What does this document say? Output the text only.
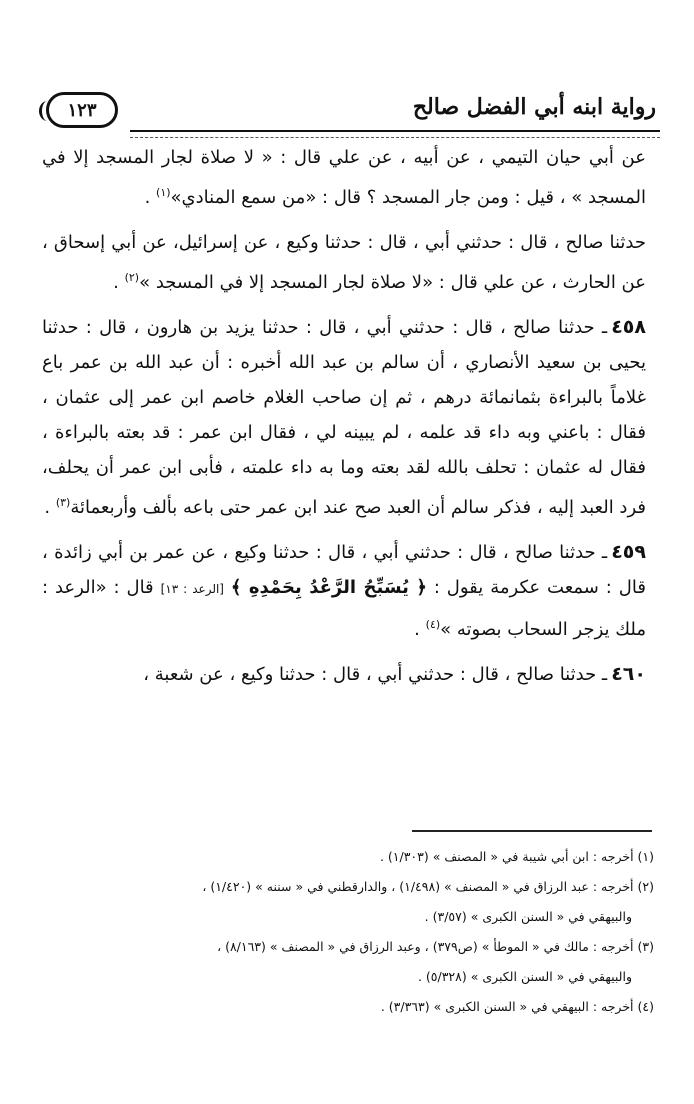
رواية ابنه أبي الفضل صالح
١٢٣

عن أبي حيان التيمي ، عن أبيه ، عن علي قال : « لا صلاة لجار المسجد إلا في المسجد » ، قيل : ومن جار المسجد ؟ قال : «من سمع المنادي»$^{(١)}$ .

حدثنا صالح ، قال : حدثني أبي ، قال : حدثنا وكيع ، عن إسرائيل، عن أبي إسحاق ، عن الحارث ، عن علي قال : «لا صلاة لجار المسجد إلا في المسجد »$^{(٢)}$ .

٤٥٨ـ حدثنا صالح ، قال : حدثني أبي ، قال : حدثنا يزيد بن هارون ، قال : حدثنا يحيى بن سعيد الأنصاري ، أن سالم بن عبد الله أخبره : أن عبد الله بن عمر باع غلاماً بالبراءة بثمانمائة درهم ، ثم إن صاحب الغلام خاصم ابن عمر إلى عثمان ، فقال : باعني وبه داء قد علمه ، لم يبينه لي ، فقال ابن عمر : قد بعته بالبراءة ، فقال له عثمان : تحلف بالله لقد بعته وما به داء علمته ، فأبى ابن عمر أن يحلف، فرد العبد إليه ، فذكر سالم أن العبد صح عند ابن عمر حتى باعه بألف وأربعمائة$^{(٣)}$ .

٤٥٩ـ حدثنا صالح ، قال : حدثني أبي ، قال : حدثنا وكيع ، عن عمر بن أبي زائدة ، قال : سمعت عكرمة يقول : ﴿ يُسَبِّحُ الرَّعْدُ بِحَمْدِهِ ﴾ [الرعد : ١٣] قال : «الرعد : ملك يزجر السحاب بصوته »$^{(٤)}$ .

٤٦٠ـ حدثنا صالح ، قال : حدثني أبي ، قال : حدثنا وكيع ، عن شعبة ،

(١) أخرجه : ابن أبي شيبة في « المصنف » (١/٣٠٣) .

(٢) أخرجه : عبد الرزاق في « المصنف » (١/٤٩٨) ، والدارقطني في « سننه » (١/٤٢٠) ،
والبيهقي في « السنن الكبرى » (٣/٥٧) .

(٣) أخرجه : مالك في « الموطأ » (ص٣٧٩) ، وعبد الرزاق في « المصنف » (٨/١٦٣) ،
والبيهقي في « السنن الكبرى » (٥/٣٢٨) .

(٤) أخرجه : البيهقي في « السنن الكبرى » (٣/٣٦٣) .
